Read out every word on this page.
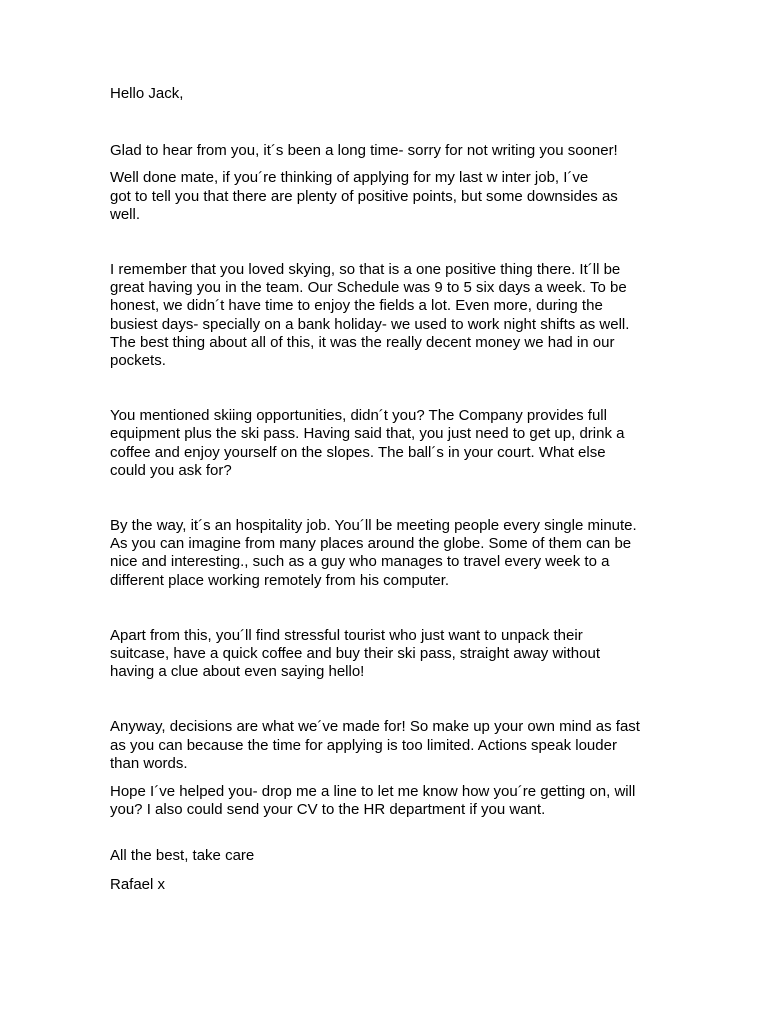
Hello Jack,

Glad to hear from you, it´s been a long time- sorry for not writing you sooner!

Well done mate, if you´re thinking of applying for my last w inter job, I´ve
got to tell you that there are plenty of positive points, but some downsides as
well.

I remember that you loved skying, so that is a one positive thing there. It´ll be
great having you in the team. Our Schedule was 9 to 5 six days a week. To be
honest, we didn´t have time to enjoy the fields a lot. Even more, during the
busiest days- specially on a bank holiday- we used to work night shifts as well.
The best thing about all of this, it was the really decent money we had in our
pockets.

You mentioned skiing opportunities, didn´t you? The Company provides full
equipment plus the ski pass. Having said that, you just need to get up, drink a
coffee and enjoy yourself on the slopes. The ball´s in your court. What else
could you ask for?

By the way, it´s an hospitality job. You´ll be meeting people every single minute.
As you can imagine from many places around the globe. Some of them can be
nice and interesting., such as a guy who manages to travel every week to a
different place working remotely from his computer.

Apart from this, you´ll find stressful tourist who just want to unpack their
suitcase, have a quick coffee and buy their ski pass, straight away without
having a clue about even saying hello!

Anyway, decisions are what we´ve made for! So make up your own mind as fast
as you can because the time for applying is too limited. Actions speak louder
than words.

Hope I´ve helped you- drop me a line to let me know how you´re getting on, will
you? I also could send your CV to the HR department if you want.

All the best, take care

Rafael x
